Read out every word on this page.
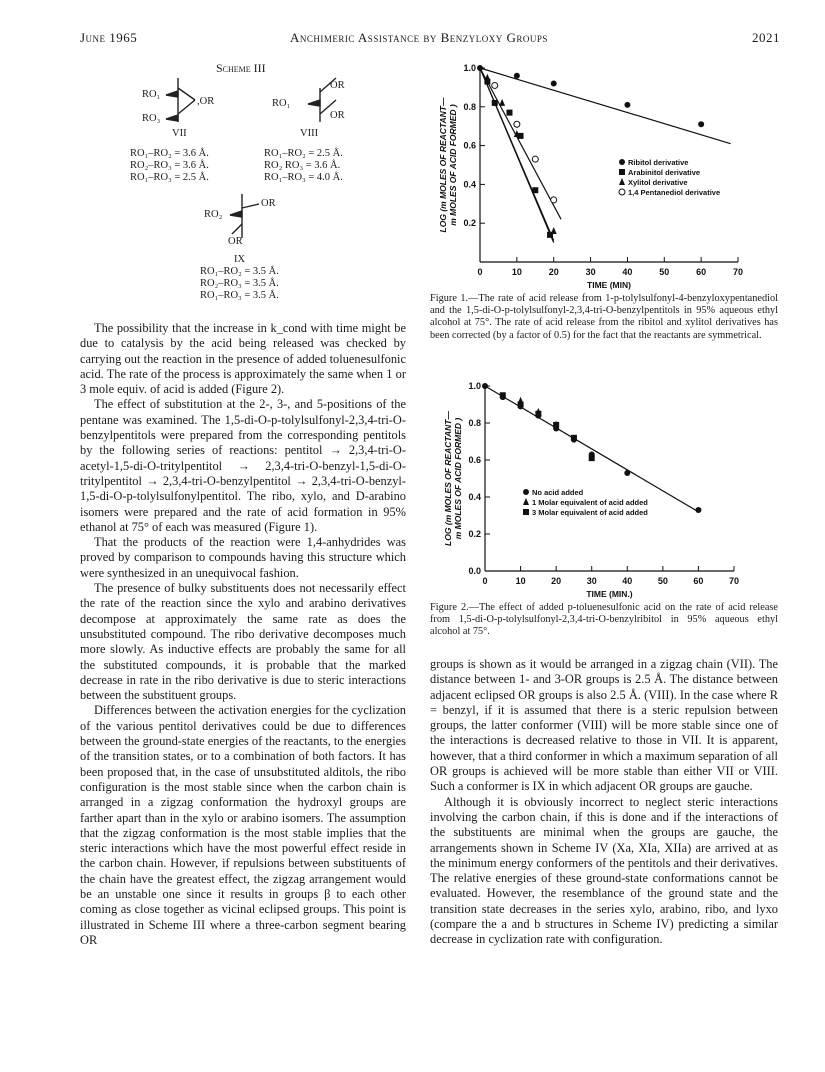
June 1965	Anchimeric Assistance by Benzyloxy Groups	2021
Scheme III
RO₁
,OR
RO₃
VII
RO₁–RO₂ = 3.6 Å.
RO₂–RO₃ = 3.6 Å.
RO₁–RO₃ = 2.5 Å.
OR
RO₁
OR
VIII
RO₁–RO₂ = 2.5 Å.
RO₂ RO₃ = 3.6 Å.
RO₁–RO₃ = 4.0 Å.
OR
RO₂
OR
IX
RO₁–RO₂ = 3.5 Å.
RO₂–RO₃ = 3.5 Å.
RO₁–RO₃ = 3.5 Å.

The possibility that the increase in k_cond with time might be due to catalysis by the acid being released was checked by carrying out the reaction in the presence of added toluenesulfonic acid. The rate of the process is approximately the same when 1 or 3 mole equiv. of acid is added (Figure 2).

The effect of substitution at the 2-, 3-, and 5-positions of the pentane was examined. The 1,5-di-O-p-tolylsulfonyl-2,3,4-tri-O-benzylpentitols were prepared from the corresponding pentitols by the following series of reactions: pentitol → 2,3,4-tri-O-acetyl-1,5-di-O-tritylpentitol → 2,3,4-tri-O-benzyl-1,5-di-O-tritylpentitol → 2,3,4-tri-O-benzylpentitol → 2,3,4-tri-O-benzyl-1,5-di-O-p-tolylsulfonylpentitol. The ribo, xylo, and D-arabino isomers were prepared and the rate of acid formation in 95% ethanol at 75° of each was measured (Figure 1).

That the products of the reaction were 1,4-anhydrides was proved by comparison to compounds having this structure which were synthesized in an unequivocal fashion.

The presence of bulky substituents does not necessarily effect the rate of the reaction since the xylo and arabino derivatives decompose at approximately the same rate as does the unsubstituted compound. The ribo derivative decomposes much more slowly. As inductive effects are probably the same for all the substituted compounds, it is probable that the marked decrease in rate in the ribo derivative is due to steric interactions between the substituent groups.

Differences between the activation energies for the cyclization of the various pentitol derivatives could be due to differences between the ground-state energies of the reactants, to the energies of the transition states, or to a combination of both factors. It has been proposed that, in the case of unsubstituted alditols, the ribo configuration is the most stable since when the carbon chain is arranged in a zigzag conformation the hydroxyl groups are farther apart than in the xylo or arabino isomers. The assumption that the zigzag conformation is the most stable implies that the steric interactions which have the most powerful effect reside in the carbon chain. However, if repulsions between substituents of the chain have the greatest effect, the zigzag arrangement would be an unstable one since it results in groups β to each other coming as close together as vicinal eclipsed groups. This point is illustrated in Scheme III where a three-carbon segment bearing OR

0	10	20	30	40	50	60	70
0.2
0.4
0.6
0.8
1.0
TIME (MIN)
LOG (m MOLES OF REACTANT—m MOLES OF ACID FORMED )	Ribitol derivative
Arabinitol derivative
Xylitol derivative
1,4 Pentanediol derivative
Figure 1.—The rate of acid release from 1-p-tolylsulfonyl-4-benzyloxypentanediol and the 1,5-di-O-p-tolylsulfonyl-2,3,4-tri-O-benzylpentitols in 95% aqueous ethyl alcohol at 75°. The rate of acid release from the ribitol and xylitol derivatives has been corrected (by a factor of 0.5) for the fact that the reactants are symmetrical.
0	10	20	30	40	50	60	70
0.0
0.2
0.4
0.6
0.8
1.0
TIME (MIN.)
LOG (m MOLES OF REACTANT—m MOLES OF ACID FORMED )	No acid added
1 Molar equivalent of acid added
3 Molar equivalent of acid added
Figure 2.—The effect of added p-toluenesulfonic acid on the rate of acid release from 1,5-di-O-p-tolylsulfonyl-2,3,4-tri-O-benzylribitol in 95% aqueous ethyl alcohol at 75°.

groups is shown as it would be arranged in a zigzag chain (VII). The distance between 1- and 3-OR groups is 2.5 Å. The distance between adjacent eclipsed OR groups is also 2.5 Å. (VIII). In the case where R = benzyl, if it is assumed that there is a steric repulsion between groups, the latter conformer (VIII) will be more stable since one of the interactions is decreased relative to those in VII. It is apparent, however, that a third conformer in which a maximum separation of all OR groups is achieved will be more stable than either VII or VIII. Such a conformer is IX in which adjacent OR groups are gauche.

Although it is obviously incorrect to neglect steric interactions involving the carbon chain, if this is done and if the interactions of the substituents are minimal when the groups are gauche, the arrangements shown in Scheme IV (Xa, XIa, XIIa) are arrived at as the minimum energy conformers of the pentitols and their derivatives. The relative energies of these ground-state conformations cannot be evaluated. However, the resemblance of the ground state and the transition state decreases in the series xylo, arabino, ribo, and lyxo (compare the a and b structures in Scheme IV) predicting a similar decrease in cyclization rate with configuration.
